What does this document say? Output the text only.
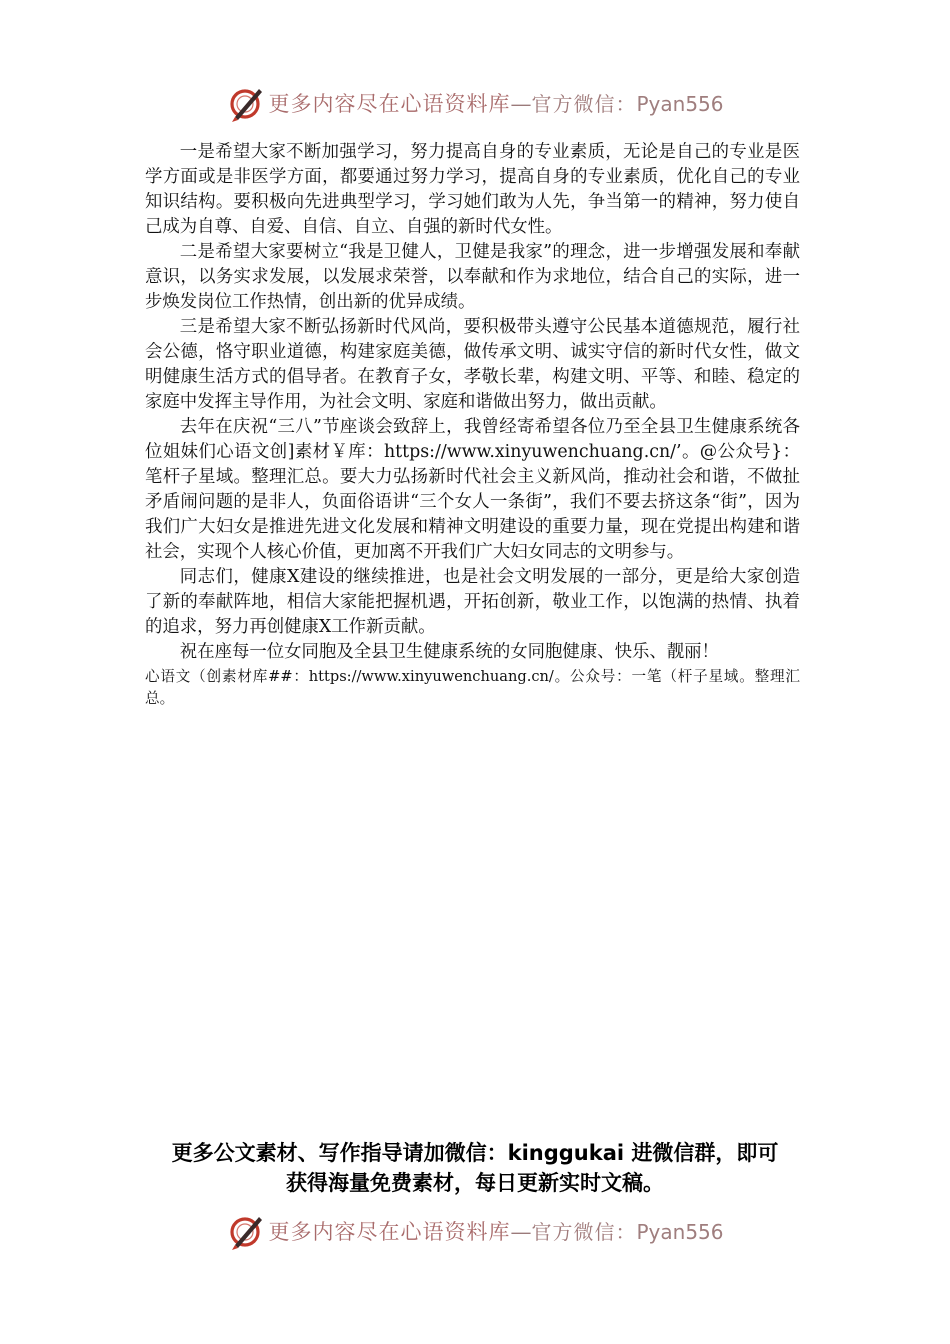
更多内容尽在心语资料库—官方微信：Pyan556

一是希望大家不断加强学习，努力提高自身的专业素质，无论是自己的专业是医学方面或是非医学方面，都要通过努力学习，提高自身的专业素质，优化自己的专业知识结构。要积极向先进典型学习，学习她们敢为人先，争当第一的精神，努力使自己成为自尊、自爱、自信、自立、自强的新时代女性。

二是希望大家要树立“我是卫健人，卫健是我家”的理念，进一步增强发展和奉献意识，以务实求发展，以发展求荣誉，以奉献和作为求地位，结合自己的实际，进一步焕发岗位工作热情，创出新的优异成绩。

三是希望大家不断弘扬新时代风尚，要积极带头遵守公民基本道德规范，履行社会公德，恪守职业道德，构建家庭美德，做传承文明、诚实守信的新时代女性，做文明健康生活方式的倡导者。在教育子女，孝敬长辈，构建文明、平等、和睦、稳定的家庭中发挥主导作用，为社会文明、家庭和谐做出努力，做出贡献。

去年在庆祝“三八”节座谈会致辞上，我曾经寄希望各位乃至全县卫生健康系统各位姐妹们心语文创]素材￥库：https://www.xinyuwenchuang.cn/’。@公众号}：笔杆子星域。整理汇总。要大力弘扬新时代社会主义新风尚，推动社会和谐，不做扯矛盾闹问题的是非人，负面俗语讲“三个女人一条街”，我们不要去挤这条“街”，因为我们广大妇女是推进先进文化发展和精神文明建设的重要力量，现在党提出构建和谐社会，实现个人核心价值，更加离不开我们广大妇女同志的文明参与。

同志们，健康X建设的继续推进，也是社会文明发展的一部分，更是给大家创造了新的奉献阵地，相信大家能把握机遇，开拓创新，敬业工作，以饱满的热情、执着的追求，努力再创健康X工作新贡献。

祝在座每一位女同胞及全县卫生健康系统的女同胞健康、快乐、靓丽！

心语文（创素材库##：https://www.xinyuwenchuang.cn/。公众号：一笔（杆子星域。整理汇总。

更多公文素材、写作指导请加微信：kinggukai 进微信群，即可
获得海量免费素材，每日更新实时文稿。
更多内容尽在心语资料库—官方微信：Pyan556
